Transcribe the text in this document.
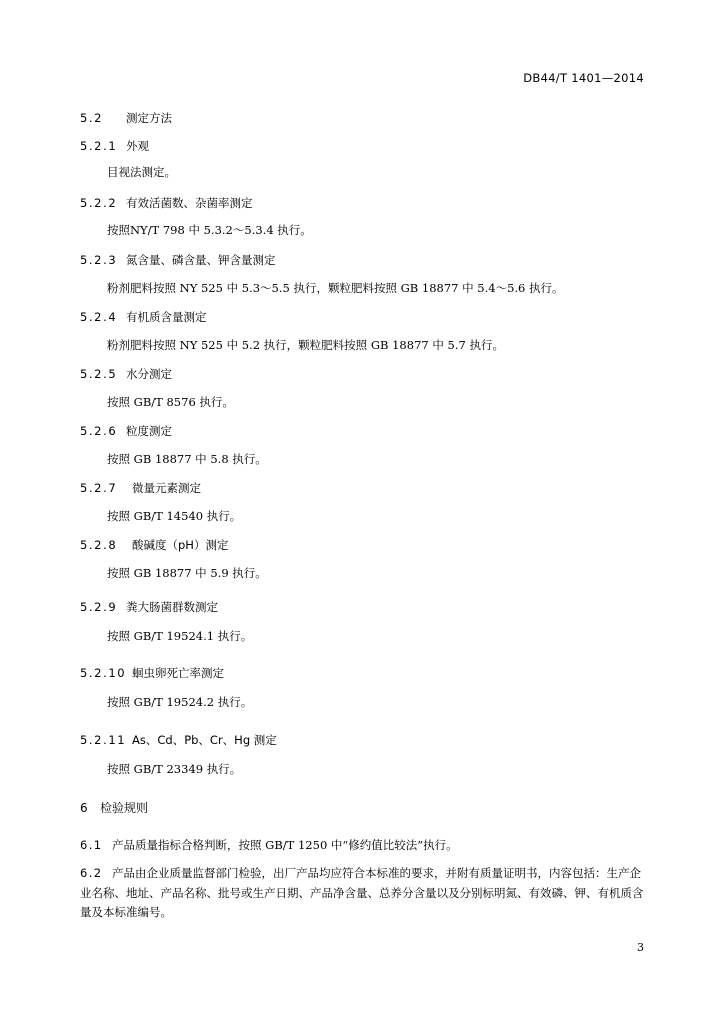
DB44/T 1401—2014
5.2 测定方法
5.2.1 外观
目视法测定。
5.2.2 有效活菌数、杂菌率测定
按照NY/T 798 中 5.3.2～5.3.4 执行。
5.2.3 氮含量、磷含量、钾含量测定
粉剂肥料按照 NY 525 中 5.3～5.5 执行，颗粒肥料按照 GB 18877 中 5.4～5.6 执行。
5.2.4 有机质含量测定
粉剂肥料按照 NY 525 中 5.2 执行，颗粒肥料按照 GB 18877 中 5.7 执行。
5.2.5 水分测定
按照 GB/T 8576 执行。
5.2.6 粒度测定
按照 GB 18877 中 5.8 执行。
5.2.7 微量元素测定
按照 GB/T 14540 执行。
5.2.8 酸碱度（pH）测定
按照 GB 18877 中 5.9 执行。
5.2.9 粪大肠菌群数测定
按照 GB/T 19524.1 执行。
5.2.10 蛔虫卵死亡率测定
按照 GB/T 19524.2 执行。
5.2.11 As、Cd、Pb、Cr、Hg 测定
按照 GB/T 23349 执行。
6 检验规则
6.1 产品质量指标合格判断，按照 GB/T 1250 中“修约值比较法”执行。
6.2 产品由企业质量监督部门检验，出厂产品均应符合本标准的要求，并附有质量证明书，内容包括：生产企业名称、地址、产品名称、批号或生产日期、产品净含量、总养分含量以及分别标明氮、有效磷、钾、有机质含量及本标准编号。
3
